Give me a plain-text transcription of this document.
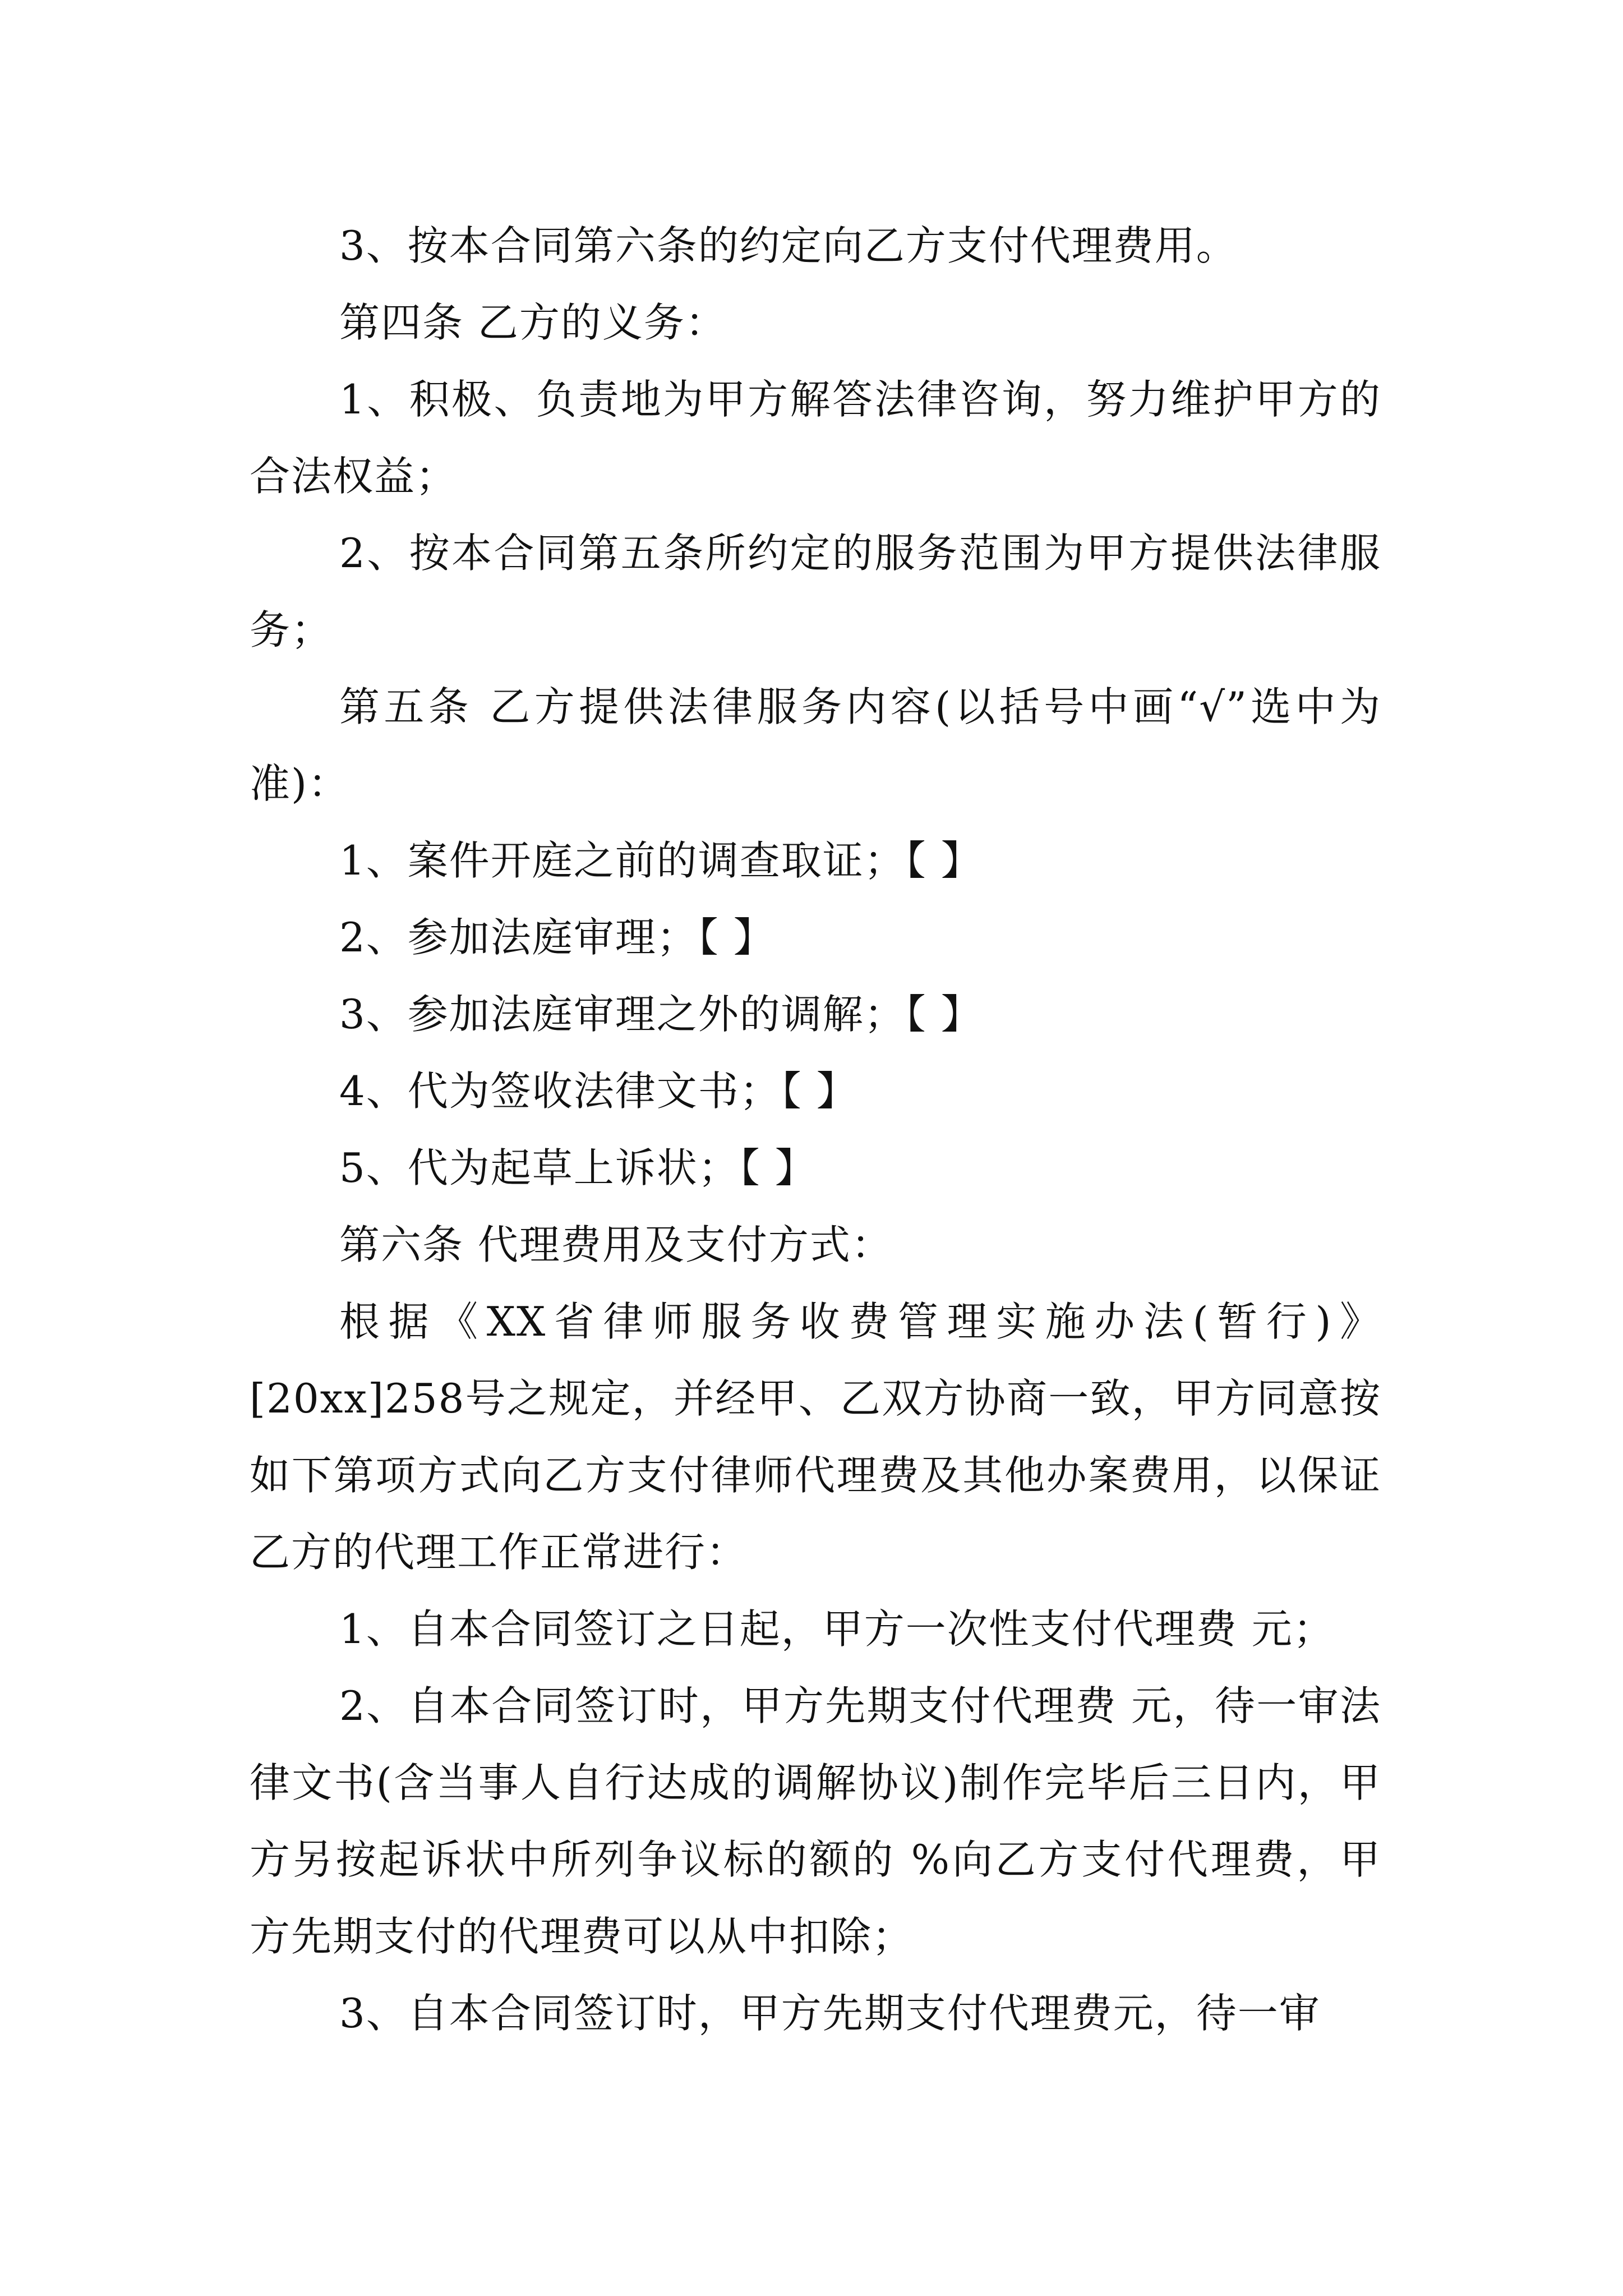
3、按本合同第六条的约定向乙方支付代理费用。

第四条 乙方的义务：

1、积极、负责地为甲方解答法律咨询，努力维护甲方的合法权益；

2、按本合同第五条所约定的服务范围为甲方提供法律服务；

第五条 乙方提供法律服务内容(以括号中画“√”选中为准)：

1、案件开庭之前的调查取证；【 】

2、参加法庭审理；【 】

3、参加法庭审理之外的调解；【 】

4、代为签收法律文书；【 】

5、代为起草上诉状；【 】

第六条 代理费用及支付方式：

根据《XX省律师服务收费管理实施办法(暂行)》[20xx]258号之规定，并经甲、乙双方协商一致，甲方同意按如下第项方式向乙方支付律师代理费及其他办案费用，以保证乙方的代理工作正常进行：

1、自本合同签订之日起，甲方一次性支付代理费 元；

2、自本合同签订时，甲方先期支付代理费 元，待一审法律文书(含当事人自行达成的调解协议)制作完毕后三日内，甲方另按起诉状中所列争议标的额的 %向乙方支付代理费，甲方先期支付的代理费可以从中扣除；

3、自本合同签订时，甲方先期支付代理费元，待一审
